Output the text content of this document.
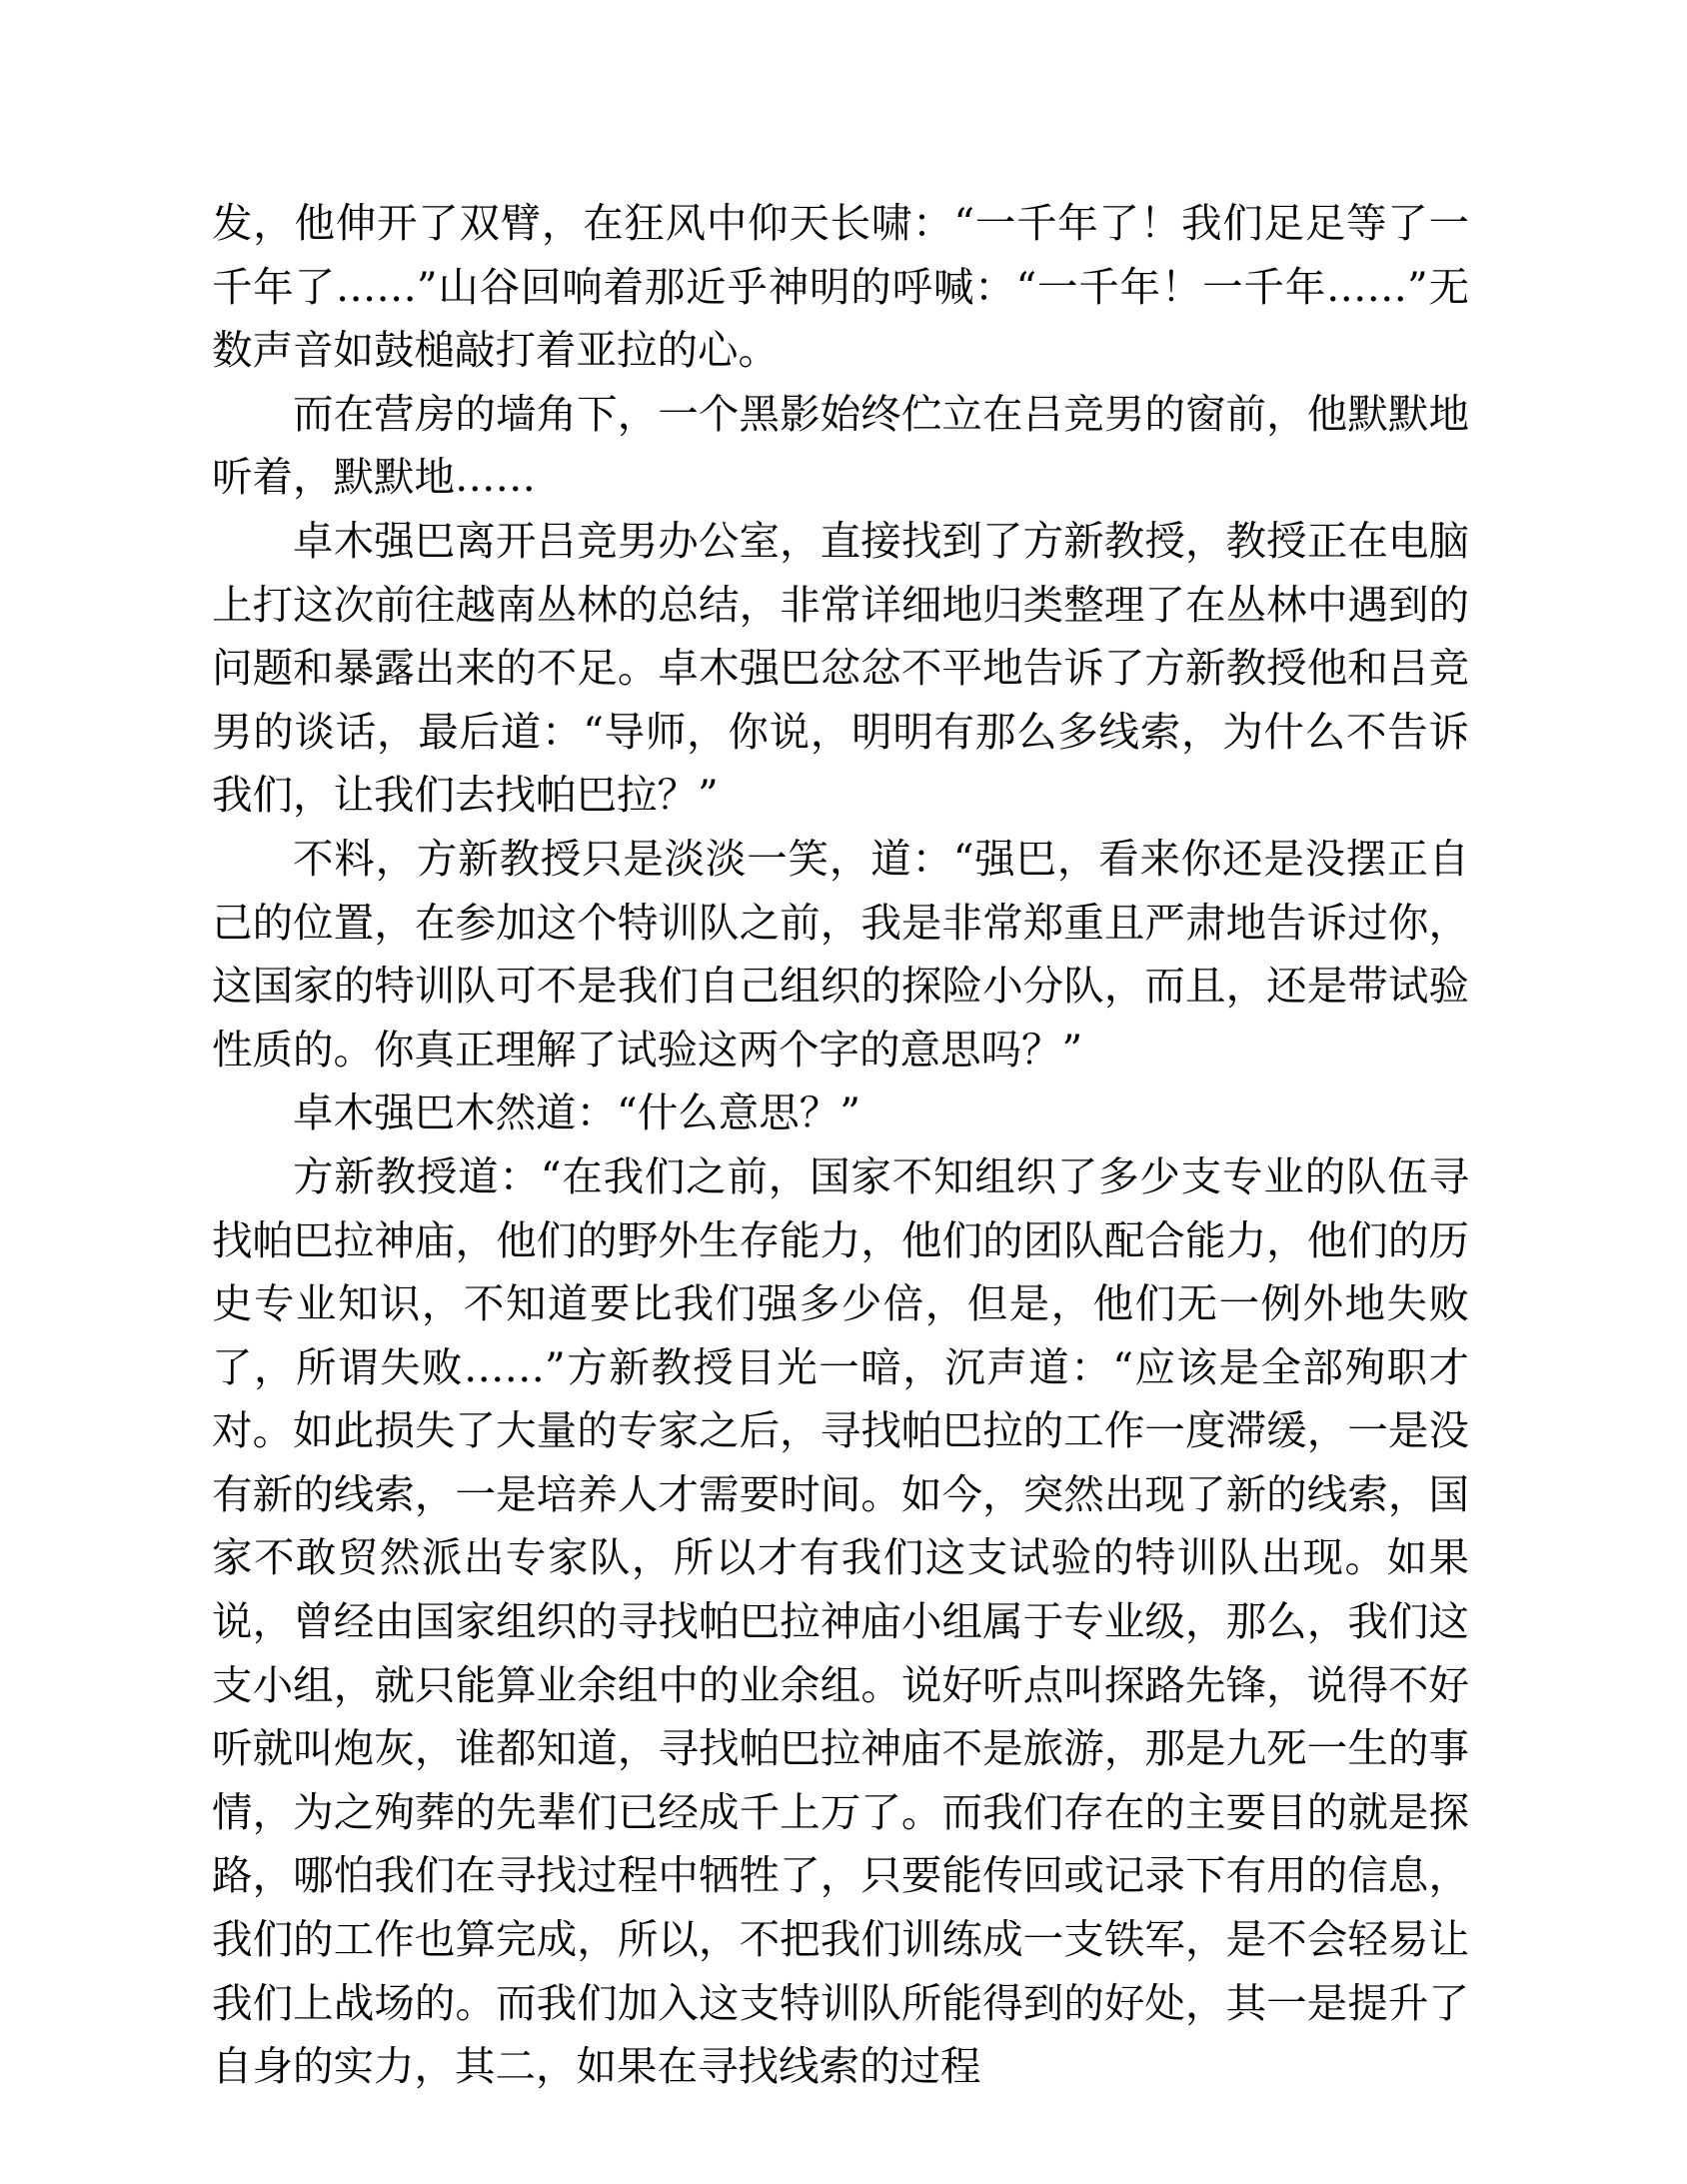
发，他伸开了双臂，在狂风中仰天长啸：“一千年了！我们足足等了一千年了……”山谷回响着那近乎神明的呼喊：“一千年！一千年……”无数声音如鼓槌敲打着亚拉的心。

而在营房的墙角下，一个黑影始终伫立在吕竞男的窗前，他默默地听着，默默地……

卓木强巴离开吕竞男办公室，直接找到了方新教授，教授正在电脑上打这次前往越南丛林的总结，非常详细地归类整理了在丛林中遇到的问题和暴露出来的不足。卓木强巴忿忿不平地告诉了方新教授他和吕竞男的谈话，最后道：“导师，你说，明明有那么多线索，为什么不告诉我们，让我们去找帕巴拉？”

不料，方新教授只是淡淡一笑，道：“强巴，看来你还是没摆正自己的位置，在参加这个特训队之前，我是非常郑重且严肃地告诉过你，这国家的特训队可不是我们自己组织的探险小分队，而且，还是带试验性质的。你真正理解了试验这两个字的意思吗？”

卓木强巴木然道：“什么意思？”

方新教授道：“在我们之前，国家不知组织了多少支专业的队伍寻找帕巴拉神庙，他们的野外生存能力，他们的团队配合能力，他们的历史专业知识，不知道要比我们强多少倍，但是，他们无一例外地失败了，所谓失败……”方新教授目光一暗，沉声道：“应该是全部殉职才对。如此损失了大量的专家之后，寻找帕巴拉的工作一度滞缓，一是没有新的线索，一是培养人才需要时间。如今，突然出现了新的线索，国家不敢贸然派出专家队，所以才有我们这支试验的特训队出现。如果说，曾经由国家组织的寻找帕巴拉神庙小组属于专业级，那么，我们这支小组，就只能算业余组中的业余组。说好听点叫探路先锋，说得不好听就叫炮灰，谁都知道，寻找帕巴拉神庙不是旅游，那是九死一生的事情，为之殉葬的先辈们已经成千上万了。而我们存在的主要目的就是探路，哪怕我们在寻找过程中牺牲了，只要能传回或记录下有用的信息，我们的工作也算完成，所以，不把我们训练成一支铁军，是不会轻易让我们上战场的。而我们加入这支特训队所能得到的好处，其一是提升了自身的实力，其二，如果在寻找线索的过程
